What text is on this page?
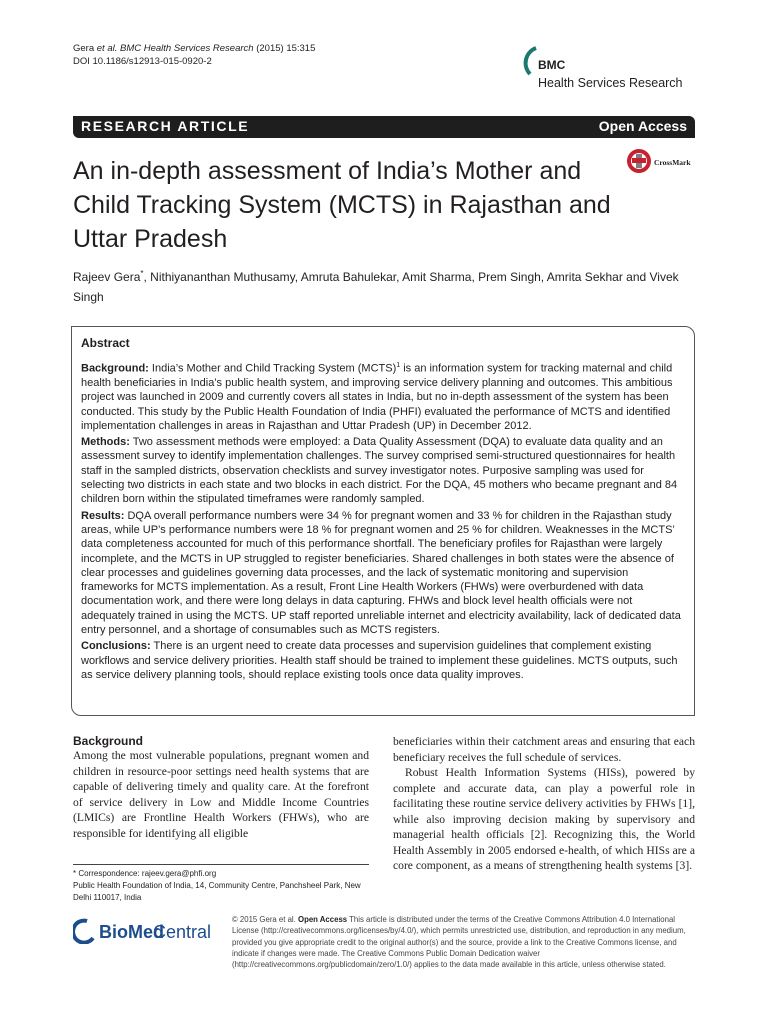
Gera et al. BMC Health Services Research (2015) 15:315
DOI 10.1186/s12913-015-0920-2	BMC
Health Services Research
RESEARCH ARTICLE	Open Access
An in-depth assessment of India’s Mother and Child Tracking System (MCTS) in Rajasthan and Uttar Pradesh
CrossMark
Rajeev Gera*, Nithiyananthan Muthusamy, Amruta Bahulekar, Amit Sharma, Prem Singh, Amrita Sekhar and Vivek Singh
Abstract

Background: India’s Mother and Child Tracking System (MCTS)$^1$ is an information system for tracking maternal and child health beneficiaries in India’s public health system, and improving service delivery planning and outcomes. This ambitious project was launched in 2009 and currently covers all states in India, but no in-depth assessment of the system has been conducted. This study by the Public Health Foundation of India (PHFI) evaluated the performance of MCTS and identified implementation challenges in areas in Rajasthan and Uttar Pradesh (UP) in December 2012.

Methods: Two assessment methods were employed: a Data Quality Assessment (DQA) to evaluate data quality and an assessment survey to identify implementation challenges. The survey comprised semi-structured questionnaires for health staff in the sampled districts, observation checklists and survey investigator notes. Purposive sampling was used for selecting two districts in each state and two blocks in each district. For the DQA, 45 mothers who became pregnant and 84 children born within the stipulated timeframes were randomly sampled.

Results: DQA overall performance numbers were 34 % for pregnant women and 33 % for children in the Rajasthan study areas, while UP’s performance numbers were 18 % for pregnant women and 25 % for children. Weaknesses in the MCTS’ data completeness accounted for much of this performance shortfall. The beneficiary profiles for Rajasthan were largely incomplete, and the MCTS in UP struggled to register beneficiaries. Shared challenges in both states were the absence of clear processes and guidelines governing data processes, and the lack of systematic monitoring and supervision frameworks for MCTS implementation. As a result, Front Line Health Workers (FHWs) were overburdened with data documentation work, and there were long delays in data capturing. FHWs and block level health officials were not adequately trained in using the MCTS. UP staff reported unreliable internet and electricity availability, lack of dedicated data entry personnel, and a shortage of consumables such as MCTS registers.

Conclusions: There is an urgent need to create data processes and supervision guidelines that complement existing workflows and service delivery priorities. Health staff should be trained to implement these guidelines. MCTS outputs, such as service delivery planning tools, should replace existing tools once data quality improves.

Background

Among the most vulnerable populations, pregnant women and children in resource-poor settings need health systems that are capable of delivering timely and quality care. At the forefront of service delivery in Low and Middle Income Countries (LMICs) are Frontline Health Workers (FHWs), who are responsible for identifying all eligible

beneficiaries within their catchment areas and ensuring that each beneficiary receives the full schedule of services.

Robust Health Information Systems (HISs), powered by complete and accurate data, can play a powerful role in facilitating these routine service delivery activities by FHWs [1], while also improving decision making by supervisory and managerial health officials [2]. Recognizing this, the World Health Assembly in 2005 endorsed e-health, of which HISs are a core component, as a means of strengthening health systems [3].

* Correspondence: rajeev.gera@phfi.org
Public Health Foundation of India, 14, Community Centre, Panchsheel Park, New Delhi 110017, India
BioMed
Central
© 2015 Gera et al. Open Access This article is distributed under the terms of the Creative Commons Attribution 4.0 International License (http://creativecommons.org/licenses/by/4.0/), which permits unrestricted use, distribution, and reproduction in any medium, provided you give appropriate credit to the original author(s) and the source, provide a link to the Creative Commons license, and indicate if changes were made. The Creative Commons Public Domain Dedication waiver (http://creativecommons.org/publicdomain/zero/1.0/) applies to the data made available in this article, unless otherwise stated.
